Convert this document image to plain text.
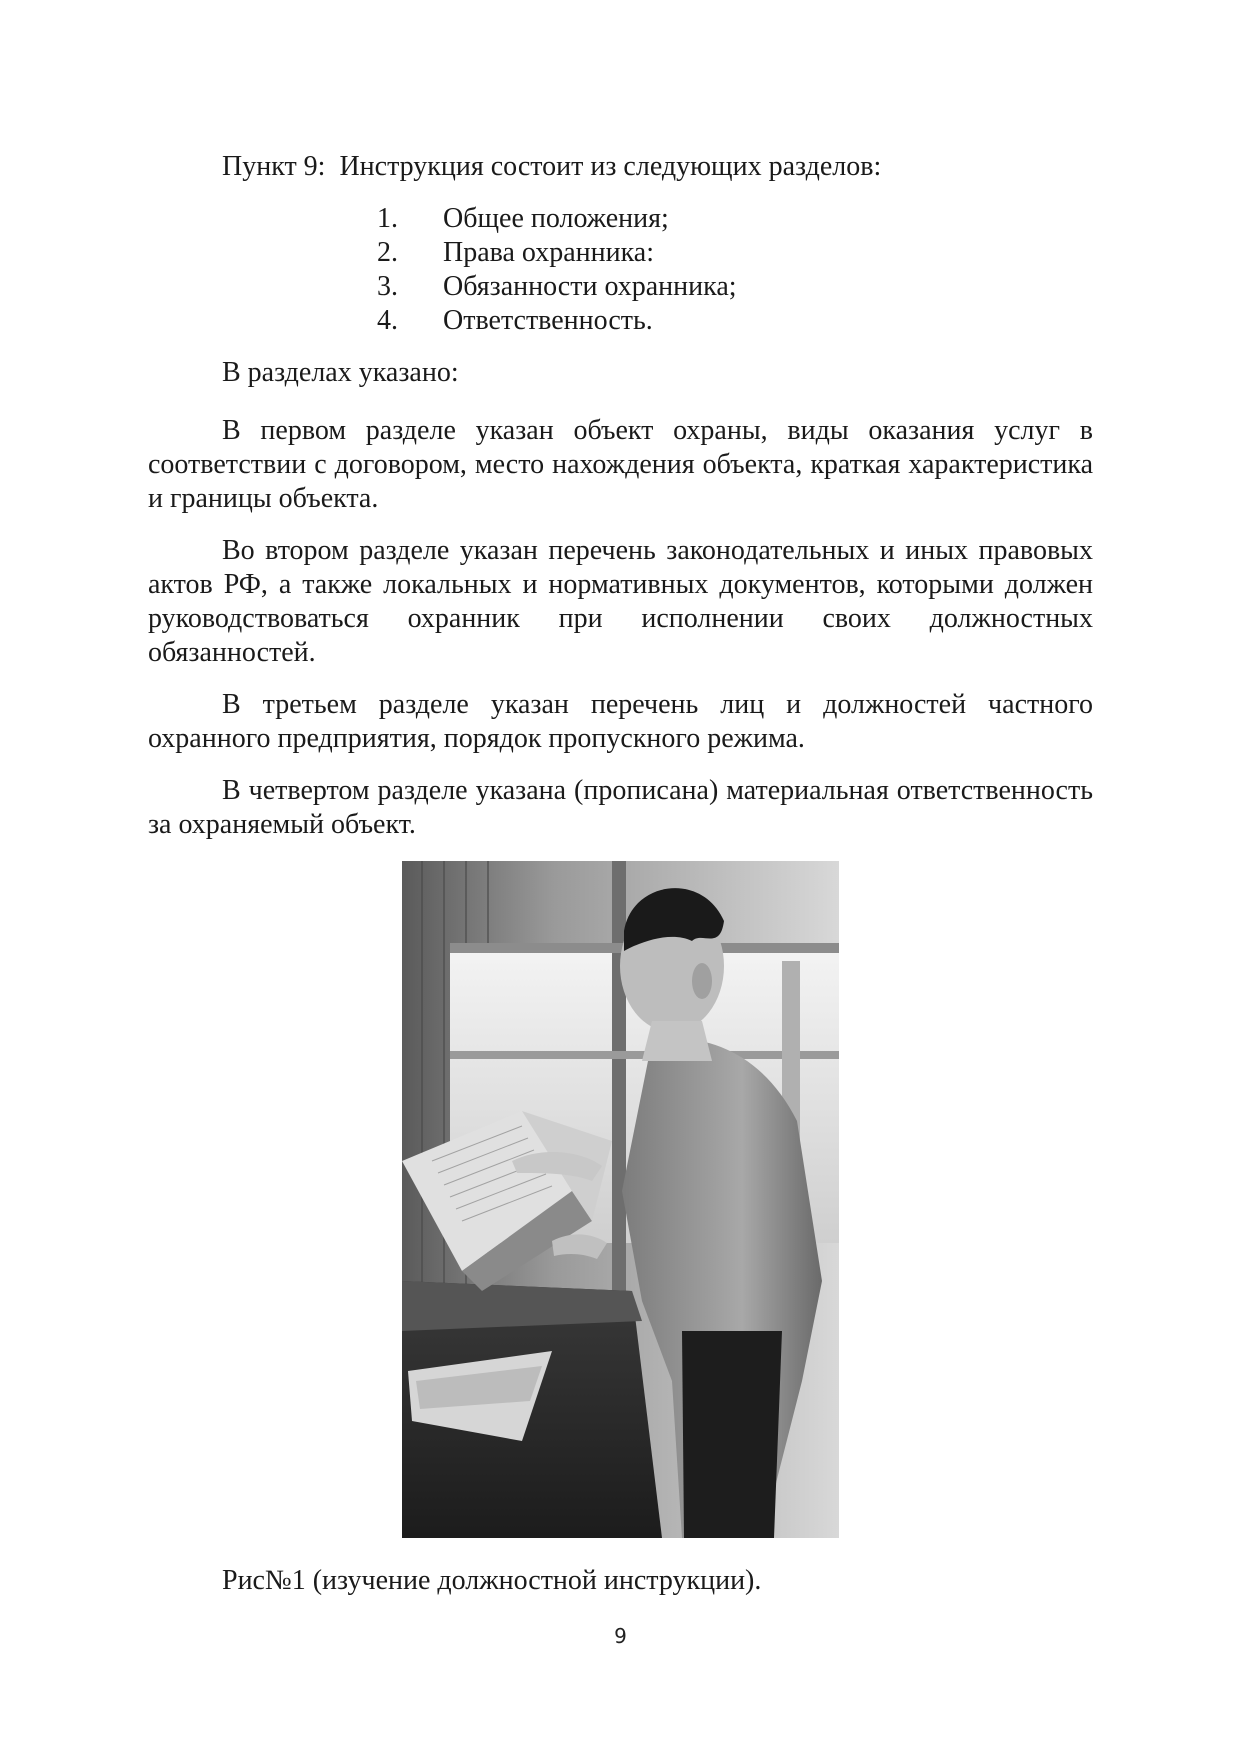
Пункт 9:  Инструкция состоит из следующих разделов:
1. Общее положения;
2. Права охранника:
3. Обязанности охранника;
4. Ответственность.
В разделах указано:

В первом разделе указан объект охраны, виды оказания услуг в соответствии с договором, место нахождения объекта, краткая характеристика и границы объекта.

Во втором разделе указан перечень законодательных и иных правовых актов РФ, а также локальных и нормативных документов, которыми должен руководствоваться охранник при исполнении своих должностных обязанностей.

В третьем разделе указан перечень лиц и должностей частного охранного предприятия, порядок пропускного режима.

В четвертом разделе указана (прописана) материальная ответственность за охраняемый объект.

Рис№1 (изучение должностной инструкции).
9
